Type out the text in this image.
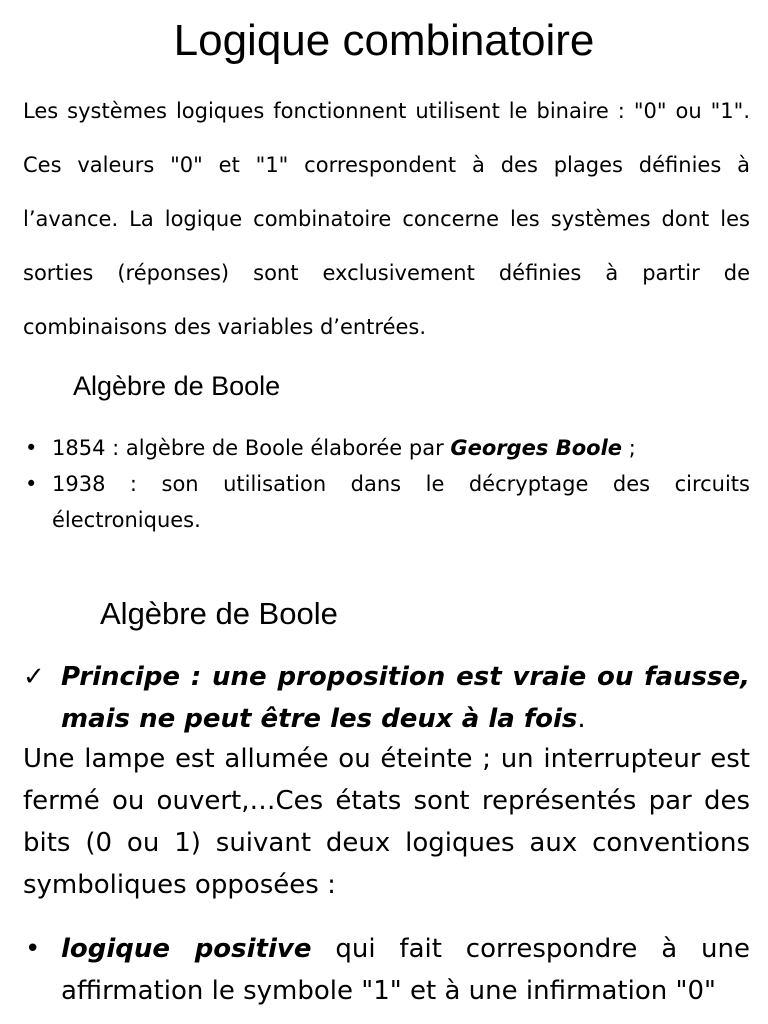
Logique combinatoire

Les systèmes logiques fonctionnent utilisent le binaire : "0" ou "1". Ces valeurs "0" et "1" correspondent à des plages définies à l’avance. La logique combinatoire concerne les systèmes dont les sorties (réponses) sont exclusivement définies à partir de combinaisons des variables d’entrées.

Algèbre de Boole
• 1854 : algèbre de Boole élaborée par Georges Boole ;
• 1938 : son utilisation dans le décryptage des circuits électroniques.
Algèbre de Boole
✓ Principe : une proposition est vraie ou fausse, mais ne peut être les deux à la fois.

Une lampe est allumée ou éteinte ; un interrupteur est fermé ou ouvert,…Ces états sont représentés par des bits (0 ou 1) suivant deux logiques aux conventions symboliques opposées :

• logique positive qui fait correspondre à une affirmation le symbole "1" et à une infirmation "0"
